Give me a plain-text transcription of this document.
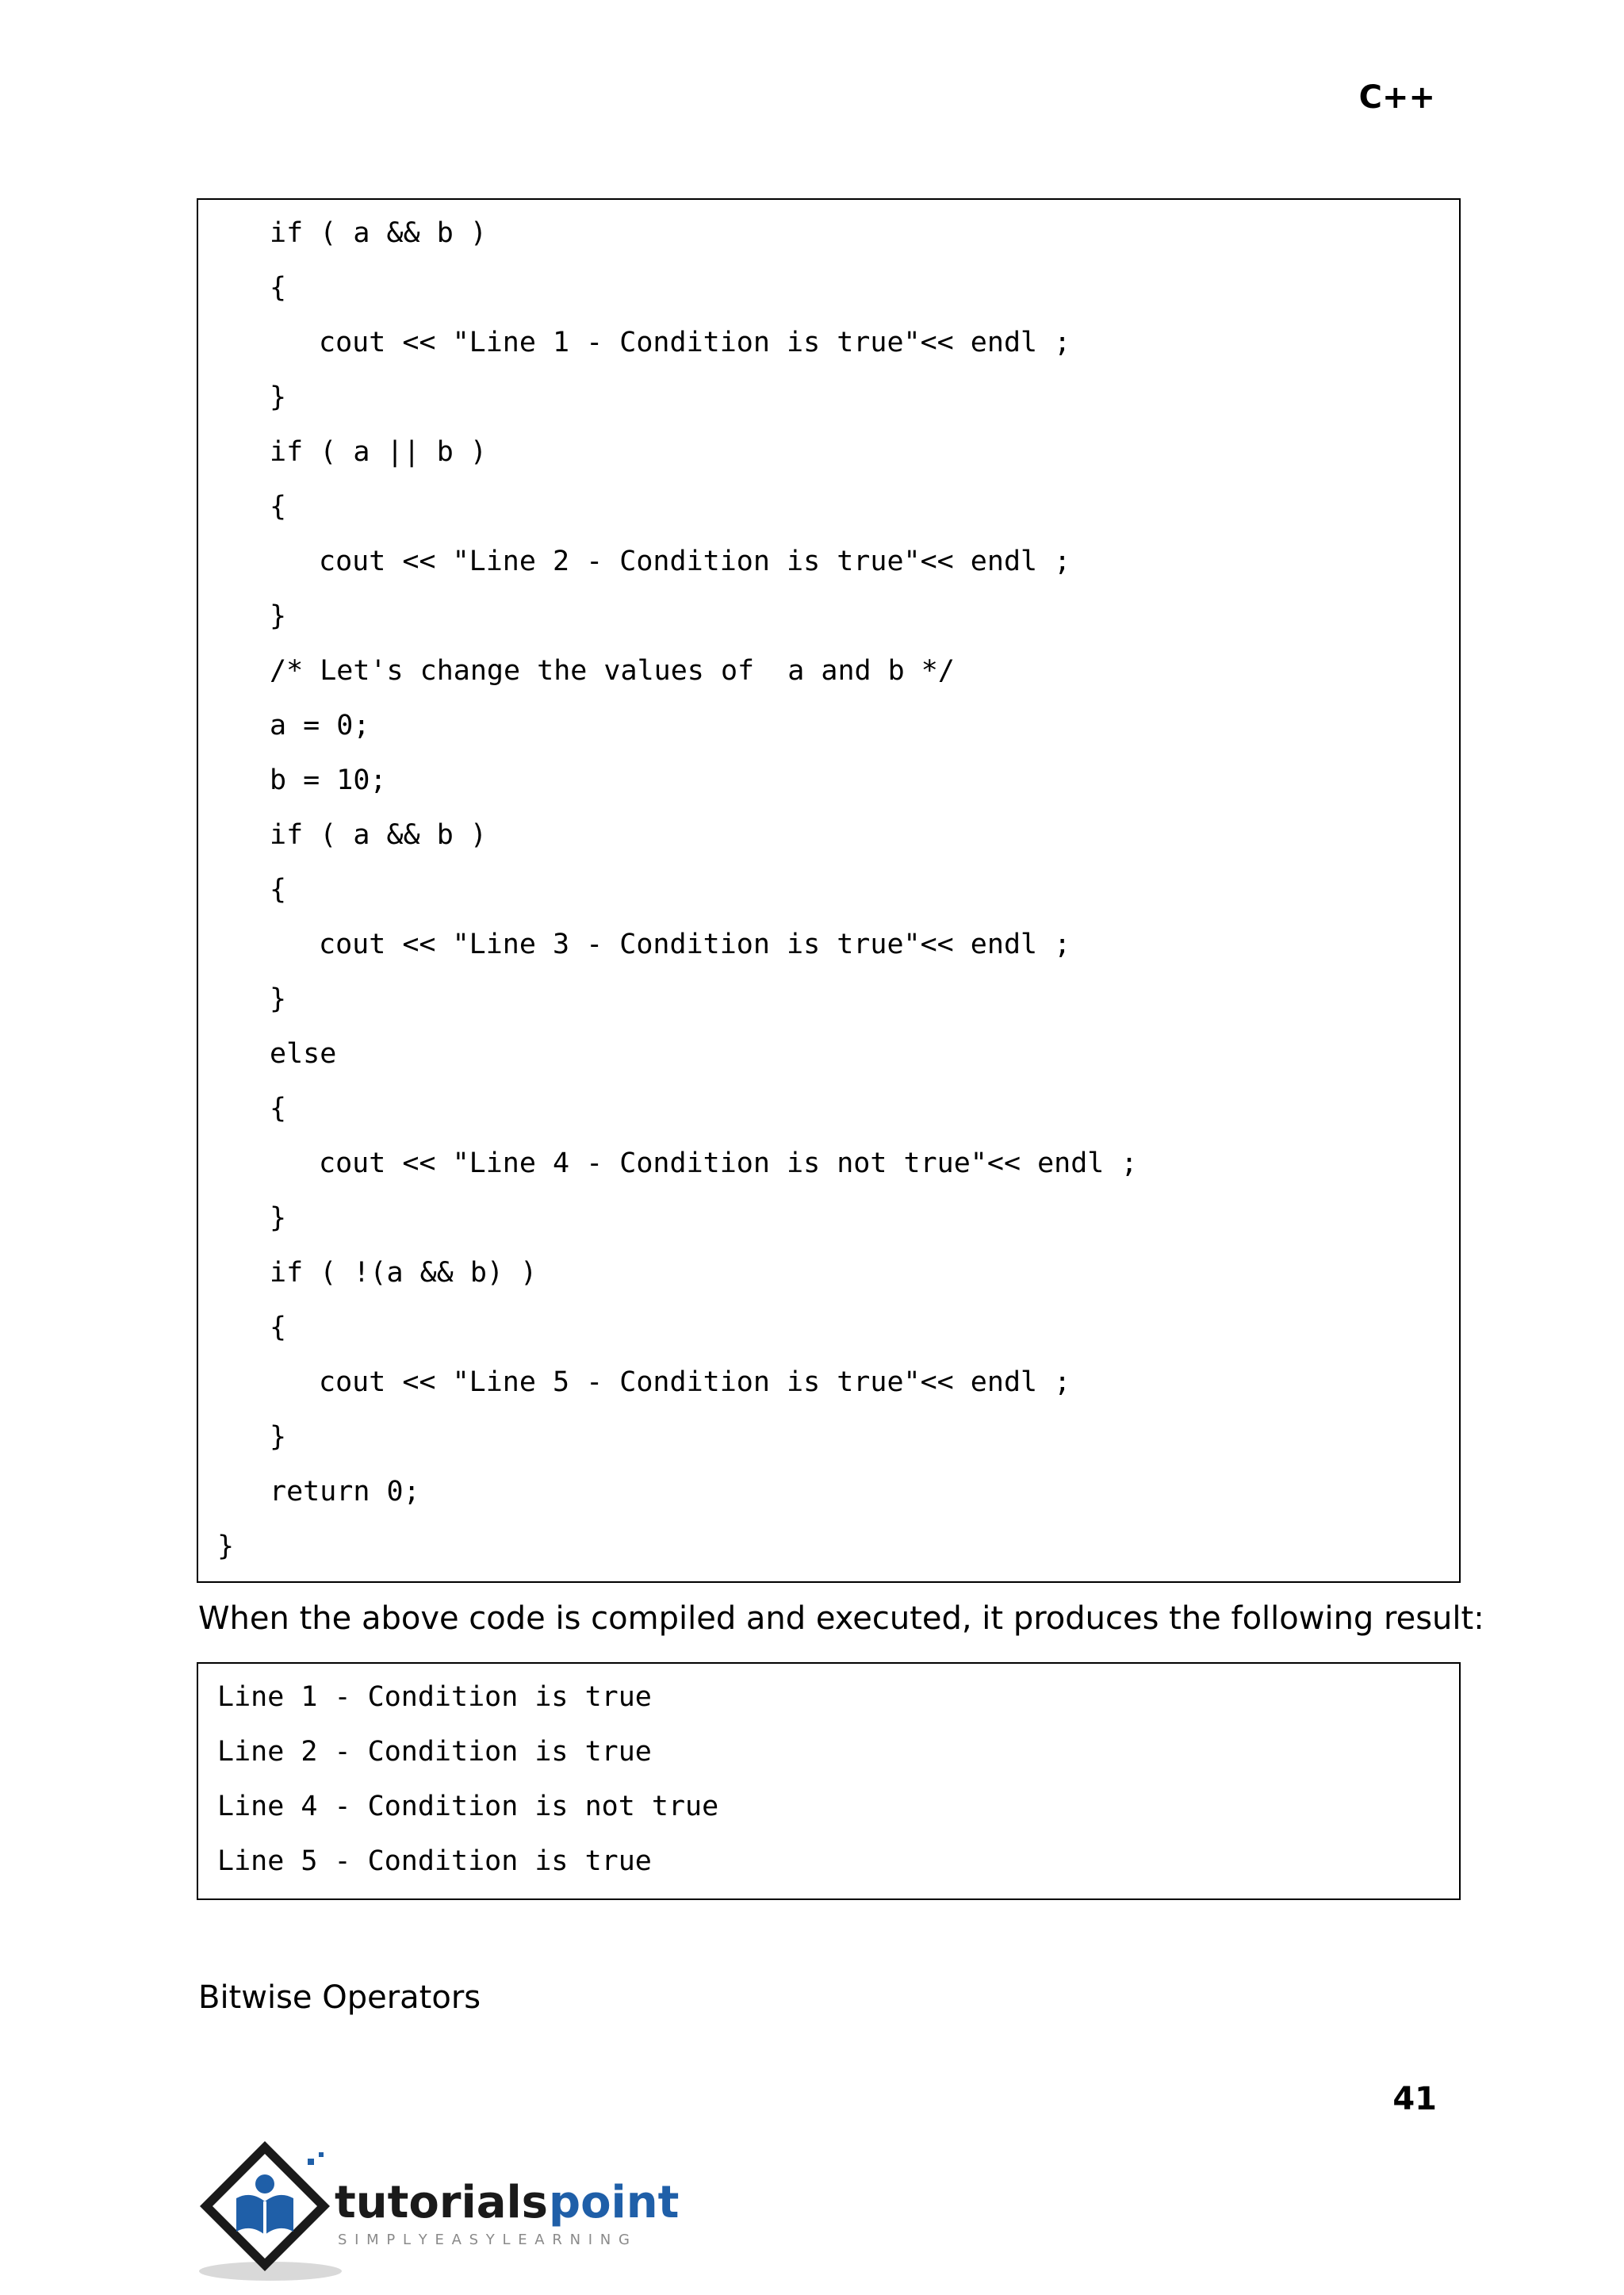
C++
if ( a && b )
{
cout << "Line 1 - Condition is true"<< endl ;
}
if ( a || b )
{
cout << "Line 2 - Condition is true"<< endl ;
}
/* Let's change the values of  a and b */
a = 0;
b = 10;
if ( a && b )
{
cout << "Line 3 - Condition is true"<< endl ;
}
else
{
cout << "Line 4 - Condition is not true"<< endl ;
}
if ( !(a && b) )
{
cout << "Line 5 - Condition is true"<< endl ;
}
return 0;
}
When the above code is compiled and executed, it produces the following result:
Line 1 - Condition is true
Line 2 - Condition is true
Line 4 - Condition is not true
Line 5 - Condition is true
Bitwise Operators
41
tutorials point
S I M P L Y E A S Y L E A R N I N G
